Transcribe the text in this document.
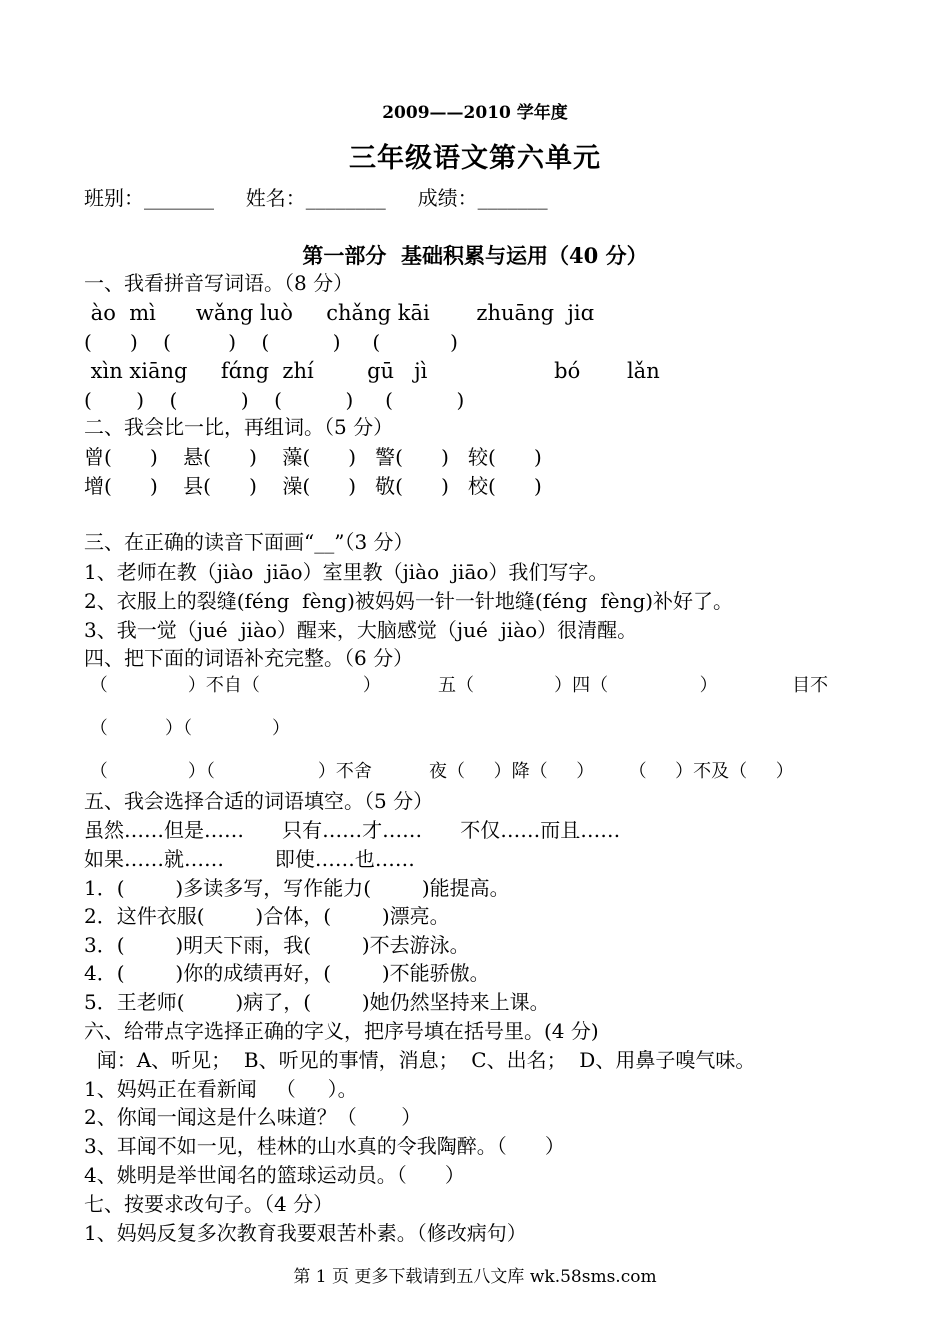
2009——2010 学年度
三年级语文第六单元
班别：_______     姓名：________     成绩：_______
第一部分  基础积累与运用（40 分）
一、我看拼音写词语。（8 分）
ào  mì      wǎng luò     chǎng kāi       zhuāng  jiɑ
(      )    (         )    (          )     (           )
xìn xiāng     fɑ́ng  zhí        gū   jì                   bó       lǎn
(       )    (          )    (          )     (          )
二、我会比一比，再组词。（5 分）
曾(      )    悬(      )    藻(      )   警(      )   较(      )
增(      )    县(      )    澡(      )   敬(      )   校(      )
三、在正确的读音下面画“__”（3 分）
1、老师在教（jiào  jiāo）室里教（jiào  jiāo）我们写字。
2、衣服上的裂缝(féng  fèng)被妈妈一针一针地缝(féng  fèng)补好了。
3、我一觉（jué  jiào）醒来，大脑感觉（jué  jiào）很清醒。
四、把下面的词语补充完整。（6 分）
（              ）不自（                  ）          五（              ）四（                ）             目不
（          ）（              ）
（              ）（                  ）不舍          夜（     ）降（     ）      （     ）不及（     ）
五、我会选择合适的词语填空。（5 分）
虽然……但是……      只有……才……      不仅……而且……
如果……就……        即使……也……
1．(        )多读多写，写作能力(        )能提高。
2．这件衣服(        )合体，(        )漂亮。
3．(        )明天下雨，我(        )不去游泳。
4．(        )你的成绩再好，(        )不能骄傲。
5．王老师(        )病了，(        )她仍然坚持来上课。
六、给带点字选择正确的字义，把序号填在括号里。(4 分)
闻：A、听见；  B、听见的事情，消息；  C、出名；  D、用鼻子嗅气味。
1、妈妈正在看新闻   （     ）。
2、你闻一闻这是什么味道？（       ）
3、耳闻不如一见，桂林的山水真的令我陶醉。（      ）
4、姚明是举世闻名的篮球运动员。（      ）
七、按要求改句子。（4 分）
1、妈妈反复多次教育我要艰苦朴素。（修改病句）
第 1 页 更多下载请到五八文库 wk.58sms.com
